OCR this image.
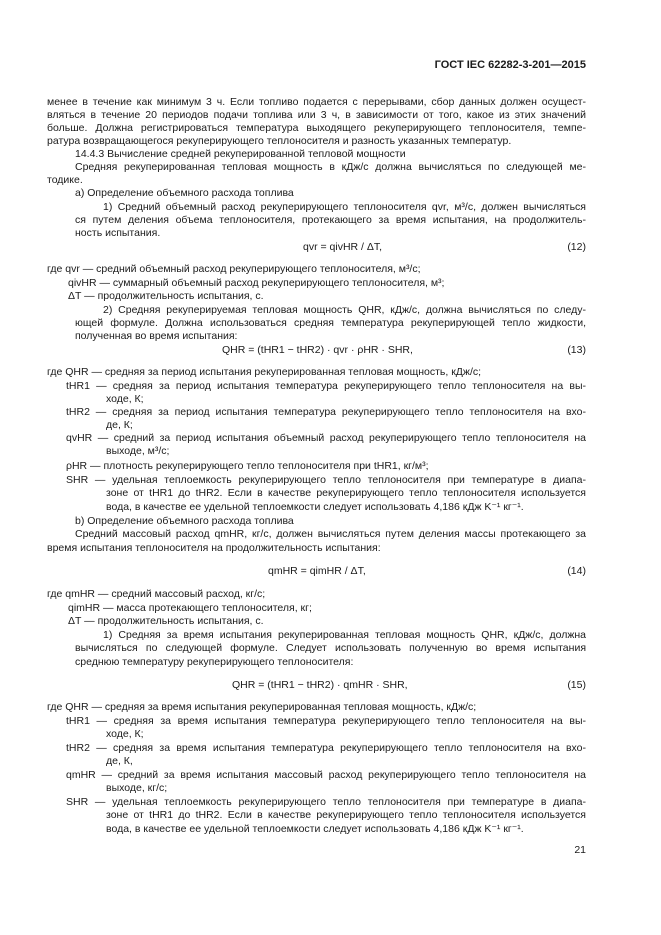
ГОСТ IEC 62282-3-201—2015
менее в течение как минимум 3 ч. Если топливо подается с перерывами, сбор данных должен осущест-
вляться в течение 20 периодов подачи топлива или 3 ч, в зависимости от того, какое из этих значений
больше. Должна регистрироваться температура выходящего рекуперирующего теплоносителя, темпе-
ратура возвращающегося рекуперирующего теплоносителя и разность указанных температур.
14.4.3 Вычисление средней рекуперированной тепловой мощности
Средняя рекуперированная тепловая мощность в кДж/с должна вычисляться по следующей ме-
тодике.
а) Определение объемного расхода топлива
1) Средний объемный расход рекуперирующего теплоносителя qvr, м³/с, должен вычисляться
ся путем деления объема теплоносителя, протекающего за время испытания, на продолжитель-
ность испытания.
qvr = qivHR / ΔT,	(12)
где qvr — средний объемный расход рекуперирующего теплоносителя, м³/с;
qivHR — суммарный объемный расход рекуперирующего теплоносителя, м³;
ΔT — продолжительность испытания, с.
2) Средняя рекуперируемая тепловая мощность QHR, кДж/с, должна вычисляться по следу-
ющей формуле. Должна использоваться средняя температура рекуперирующей тепло жидкости,
полученная во время испытания:
QHR = (tHR1 − tHR2) · qvr · ρHR · SHR,	(13)
где QHR — средняя за период испытания рекуперированная тепловая мощность, кДж/с;
tHR1 — средняя за период испытания температура рекуперирующего тепло теплоносителя на вы-
ходе, К;
tHR2 — средняя за период испытания температура рекуперирующего тепло теплоносителя на вхо-
де, К;
qvHR — средний за период испытания объемный расход рекуперирующего тепло теплоносителя на
выходе, м³/с;
ρHR — плотность рекуперирующего тепло теплоносителя при tHR1, кг/м³;
SHR — удельная теплоемкость рекуперирующего тепло теплоносителя при температуре в диапа-
зоне от tHR1 до tHR2. Если в качестве рекуперирующего тепло теплоносителя используется
вода, в качестве ее удельной теплоемкости следует использовать 4,186 кДж K⁻¹ кг⁻¹.
b) Определение объемного расхода топлива
Средний массовый расход qmHR, кг/с, должен вычисляться путем деления массы протекающего за
время испытания теплоносителя на продолжительность испытания:
qmHR = qimHR / ΔT,	(14)
где qmHR — средний массовый расход, кг/с;
qimHR — масса протекающего теплоносителя, кг;
ΔT — продолжительность испытания, с.
1) Средняя за время испытания рекуперированная тепловая мощность QHR, кДж/с, должна
вычисляться по следующей формуле. Следует использовать полученную во время испытания
среднюю температуру рекуперирующего теплоносителя:
QHR = (tHR1 − tHR2) · qmHR · SHR,	(15)
где QHR — средняя за время испытания рекуперированная тепловая мощность, кДж/с;
tHR1 — средняя за время испытания температура рекуперирующего тепло теплоносителя на вы-
ходе, К;
tHR2 — средняя за время испытания температура рекуперирующего тепло теплоносителя на вхо-
де, К,
qmHR — средний за время испытания массовый расход рекуперирующего тепло теплоносителя на
выходе, кг/с;
SHR — удельная теплоемкость рекуперирующего тепло теплоносителя при температуре в диапа-
зоне от tHR1 до tHR2. Если в качестве рекуперирующего тепло теплоносителя используется
вода, в качестве ее удельной теплоемкости следует использовать 4,186 кДж K⁻¹ кг⁻¹.
21
